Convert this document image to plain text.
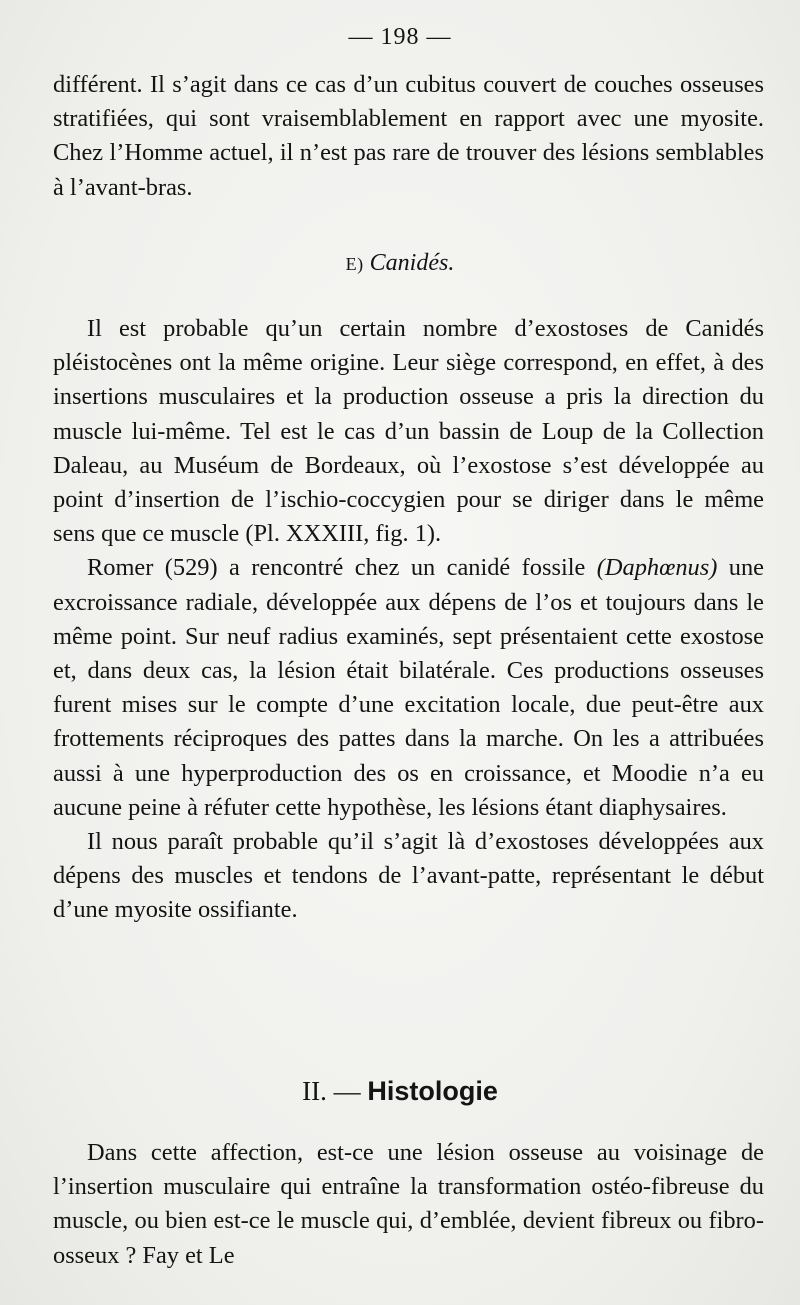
— 198 —

différent. Il s’agit dans ce cas d’un cubitus couvert de couches osseuses stratifiées, qui sont vraisemblablement en rapport avec une myosite. Chez l’Homme actuel, il n’est pas rare de trouver des lésions semblables à l’avant-bras.

E) Canidés.

Il est probable qu’un certain nombre d’exostoses de Canidés pléistocènes ont la même origine. Leur siège correspond, en effet, à des insertions musculaires et la production osseuse a pris la direction du muscle lui-même. Tel est le cas d’un bassin de Loup de la Collection Daleau, au Muséum de Bordeaux, où l’exostose s’est développée au point d’insertion de l’ischio-coccygien pour se diriger dans le même sens que ce muscle (Pl. XXXIII, fig. 1).

Romer (529) a rencontré chez un canidé fossile (Daphœnus) une excroissance radiale, développée aux dépens de l’os et toujours dans le même point. Sur neuf radius examinés, sept présentaient cette exostose et, dans deux cas, la lésion était bilatérale. Ces productions osseuses furent mises sur le compte d’une excitation locale, due peut-être aux frottements réciproques des pattes dans la marche. On les a attribuées aussi à une hyperproduction des os en croissance, et Moodie n’a eu aucune peine à réfuter cette hypothèse, les lésions étant diaphysaires.

Il nous paraît probable qu’il s’agit là d’exostoses développées aux dépens des muscles et tendons de l’avant-patte, représentant le début d’une myosite ossifiante.

II. — Histologie

Dans cette affection, est-ce une lésion osseuse au voisinage de l’insertion musculaire qui entraîne la transformation ostéo-fibreuse du muscle, ou bien est-ce le muscle qui, d’emblée, devient fibreux ou fibro-osseux ? Fay et Le
